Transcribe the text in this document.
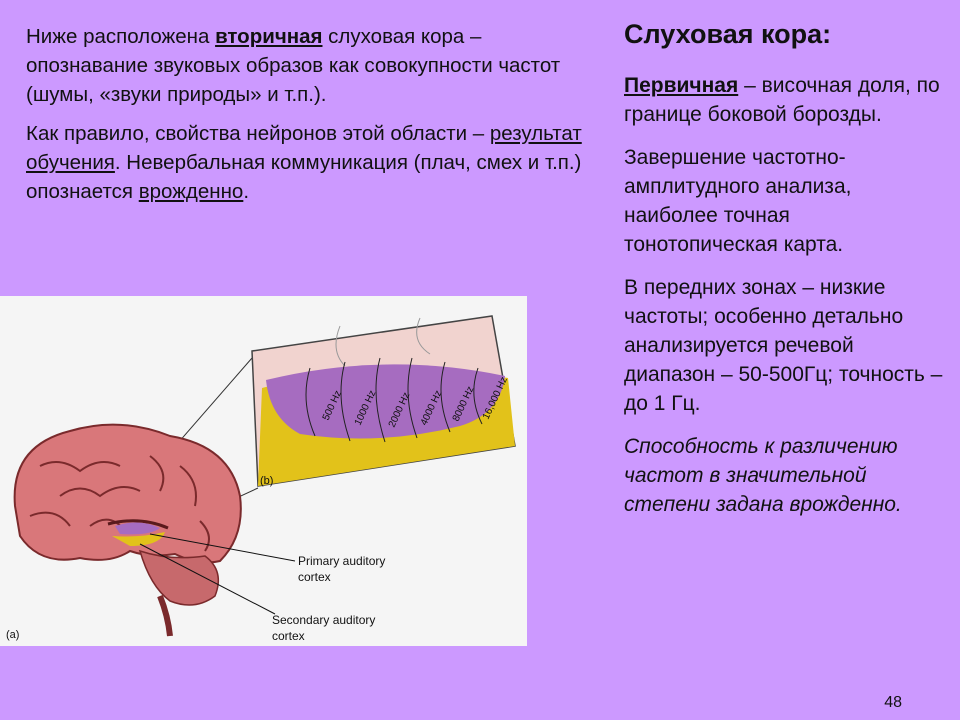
Ниже расположена вторичная слуховая кора – опознавание звуковых образов как совокупности частот (шумы, «звуки природы» и т.п.).

Как правило, свойства нейронов этой области – результат обучения. Невербальная коммуникация (плач, смех и т.п.) опознается врожденно.

Слуховая кора:

Первичная – височная доля, по границе боковой борозды.

Завершение частотно-амплитудного анализа, наиболее точная тонотопическая карта.

В передних зонах – низкие частоты; особенно детально анализируется речевой диапазон – 50-500Гц; точность – до 1 Гц.

Способность к различению частот в значительной степени задана врожденно.

500 Hz 1000 Hz 2000 Hz 4000 Hz 8000 Hz 16,000 Hz
(b)
Primary auditory
cortex
Secondary auditory
cortex
(a)
48
